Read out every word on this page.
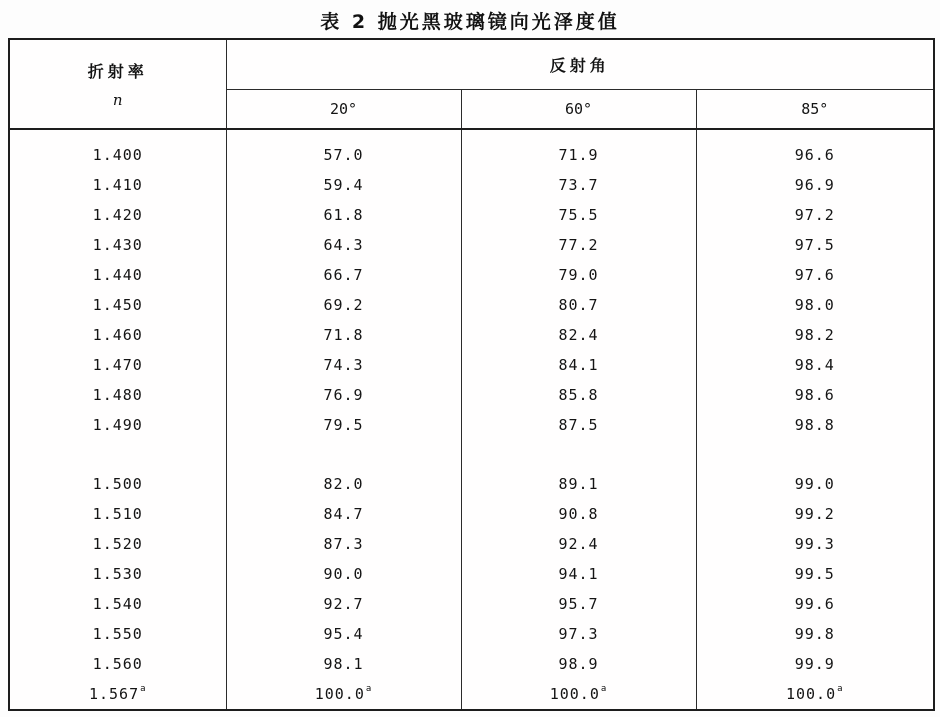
表 2 抛光黑玻璃镜向光泽度值
折射率
n	反射角		
	20°	60°	85°
1.400	57.0	71.9	96.6
1.410	59.4	73.7	96.9
1.420	61.8	75.5	97.2
1.430	64.3	77.2	97.5
1.440	66.7	79.0	97.6
1.450	69.2	80.7	98.0
1.460	71.8	82.4	98.2
1.470	74.3	84.1	98.4
1.480	76.9	85.8	98.6
1.490	79.5	87.5	98.8

1.500	82.0	89.1	99.0
1.510	84.7	90.8	99.2
1.520	87.3	92.4	99.3
1.530	90.0	94.1	99.5
1.540	92.7	95.7	99.6
1.550	95.4	97.3	99.8
1.560	98.1	98.9	99.9
1.567$^a$	100.0$^a$	100.0$^a$	100.0$^a$
